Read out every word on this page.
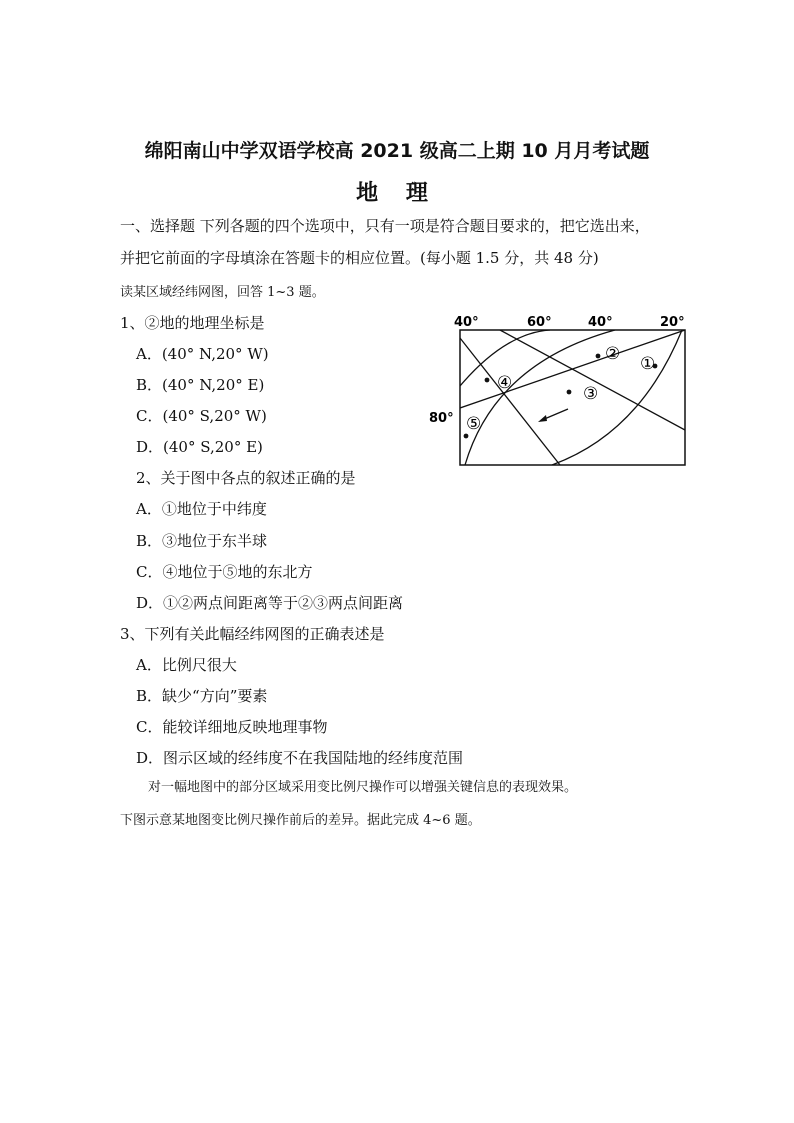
绵阳南山中学双语学校高 2021 级高二上期 10 月月考试题
地 理
一、选择题 下列各题的四个选项中，只有一项是符合题目要求的，把它选出来，
并把它前面的字母填涂在答题卡的相应位置。(每小题 1.5 分，共 48 分)
读某区域经纬网图，回答 1~3 题。
1、②地的地理坐标是
A．(40° N,20° W)
B．(40° N,20° E)
C．(40° S,20° W)
D．(40° S,20° E)
2、关于图中各点的叙述正确的是
A．①地位于中纬度
B．③地位于东半球
C．④地位于⑤地的东北方
D．①②两点间距离等于②③两点间距离
3、下列有关此幅经纬网图的正确表述是
A．比例尺很大
B．缺少“方向”要素
C．能较详细地反映地理事物
D．图示区域的经纬度不在我国陆地的经纬度范围
对一幅地图中的部分区域采用变比例尺操作可以增强关键信息的表现效果。
下图示意某地图变比例尺操作前后的差异。据此完成 4~6 题。
40°	60°	40°	20°
80°
①
②
③
④
⑤
